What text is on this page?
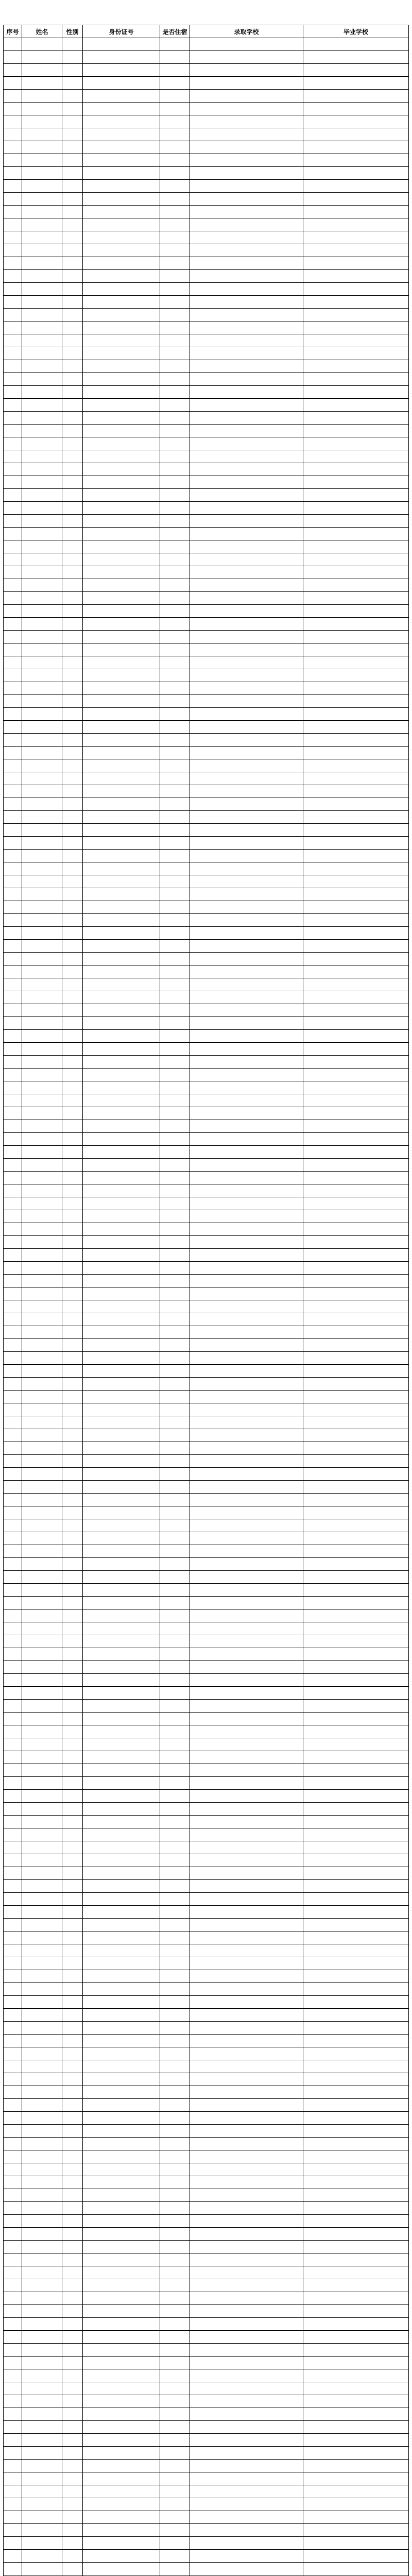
序号	姓名	性别	身份证号	是否住宿	录取学校	毕业学校
